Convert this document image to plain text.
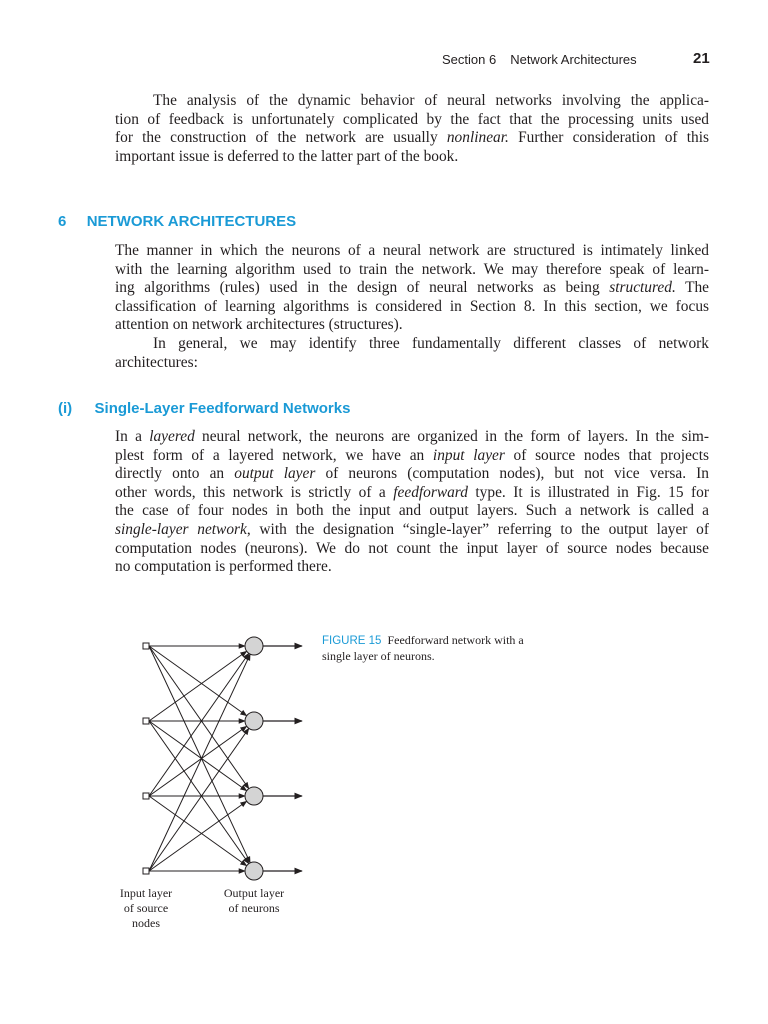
Section 6 Network Architectures	21
The analysis of the dynamic behavior of neural networks involving the applica-
tion of feedback is unfortunately complicated by the fact that the processing units used
for the construction of the network are usually nonlinear. Further consideration of this
important issue is deferred to the latter part of the book.
6 NETWORK ARCHITECTURES
The manner in which the neurons of a neural network are structured is intimately linked
with the learning algorithm used to train the network. We may therefore speak of learn-
ing algorithms (rules) used in the design of neural networks as being structured. The
classification of learning algorithms is considered in Section 8. In this section, we focus
attention on network architectures (structures).
In general, we may identify three fundamentally different classes of network
architectures:
(i) Single-Layer Feedforward Networks
In a layered neural network, the neurons are organized in the form of layers. In the sim-
plest form of a layered network, we have an input layer of source nodes that projects
directly onto an output layer of neurons (computation nodes), but not vice versa. In
other words, this network is strictly of a feedforward type. It is illustrated in Fig. 15 for
the case of four nodes in both the input and output layers. Such a network is called a
single-layer network, with the designation “single-layer” referring to the output layer of
computation nodes (neurons). We do not count the input layer of source nodes because
no computation is performed there.
Input layer
of source
nodes
Output layer
of neurons
FIGURE 15 Feedforward network with a single layer of neurons.
